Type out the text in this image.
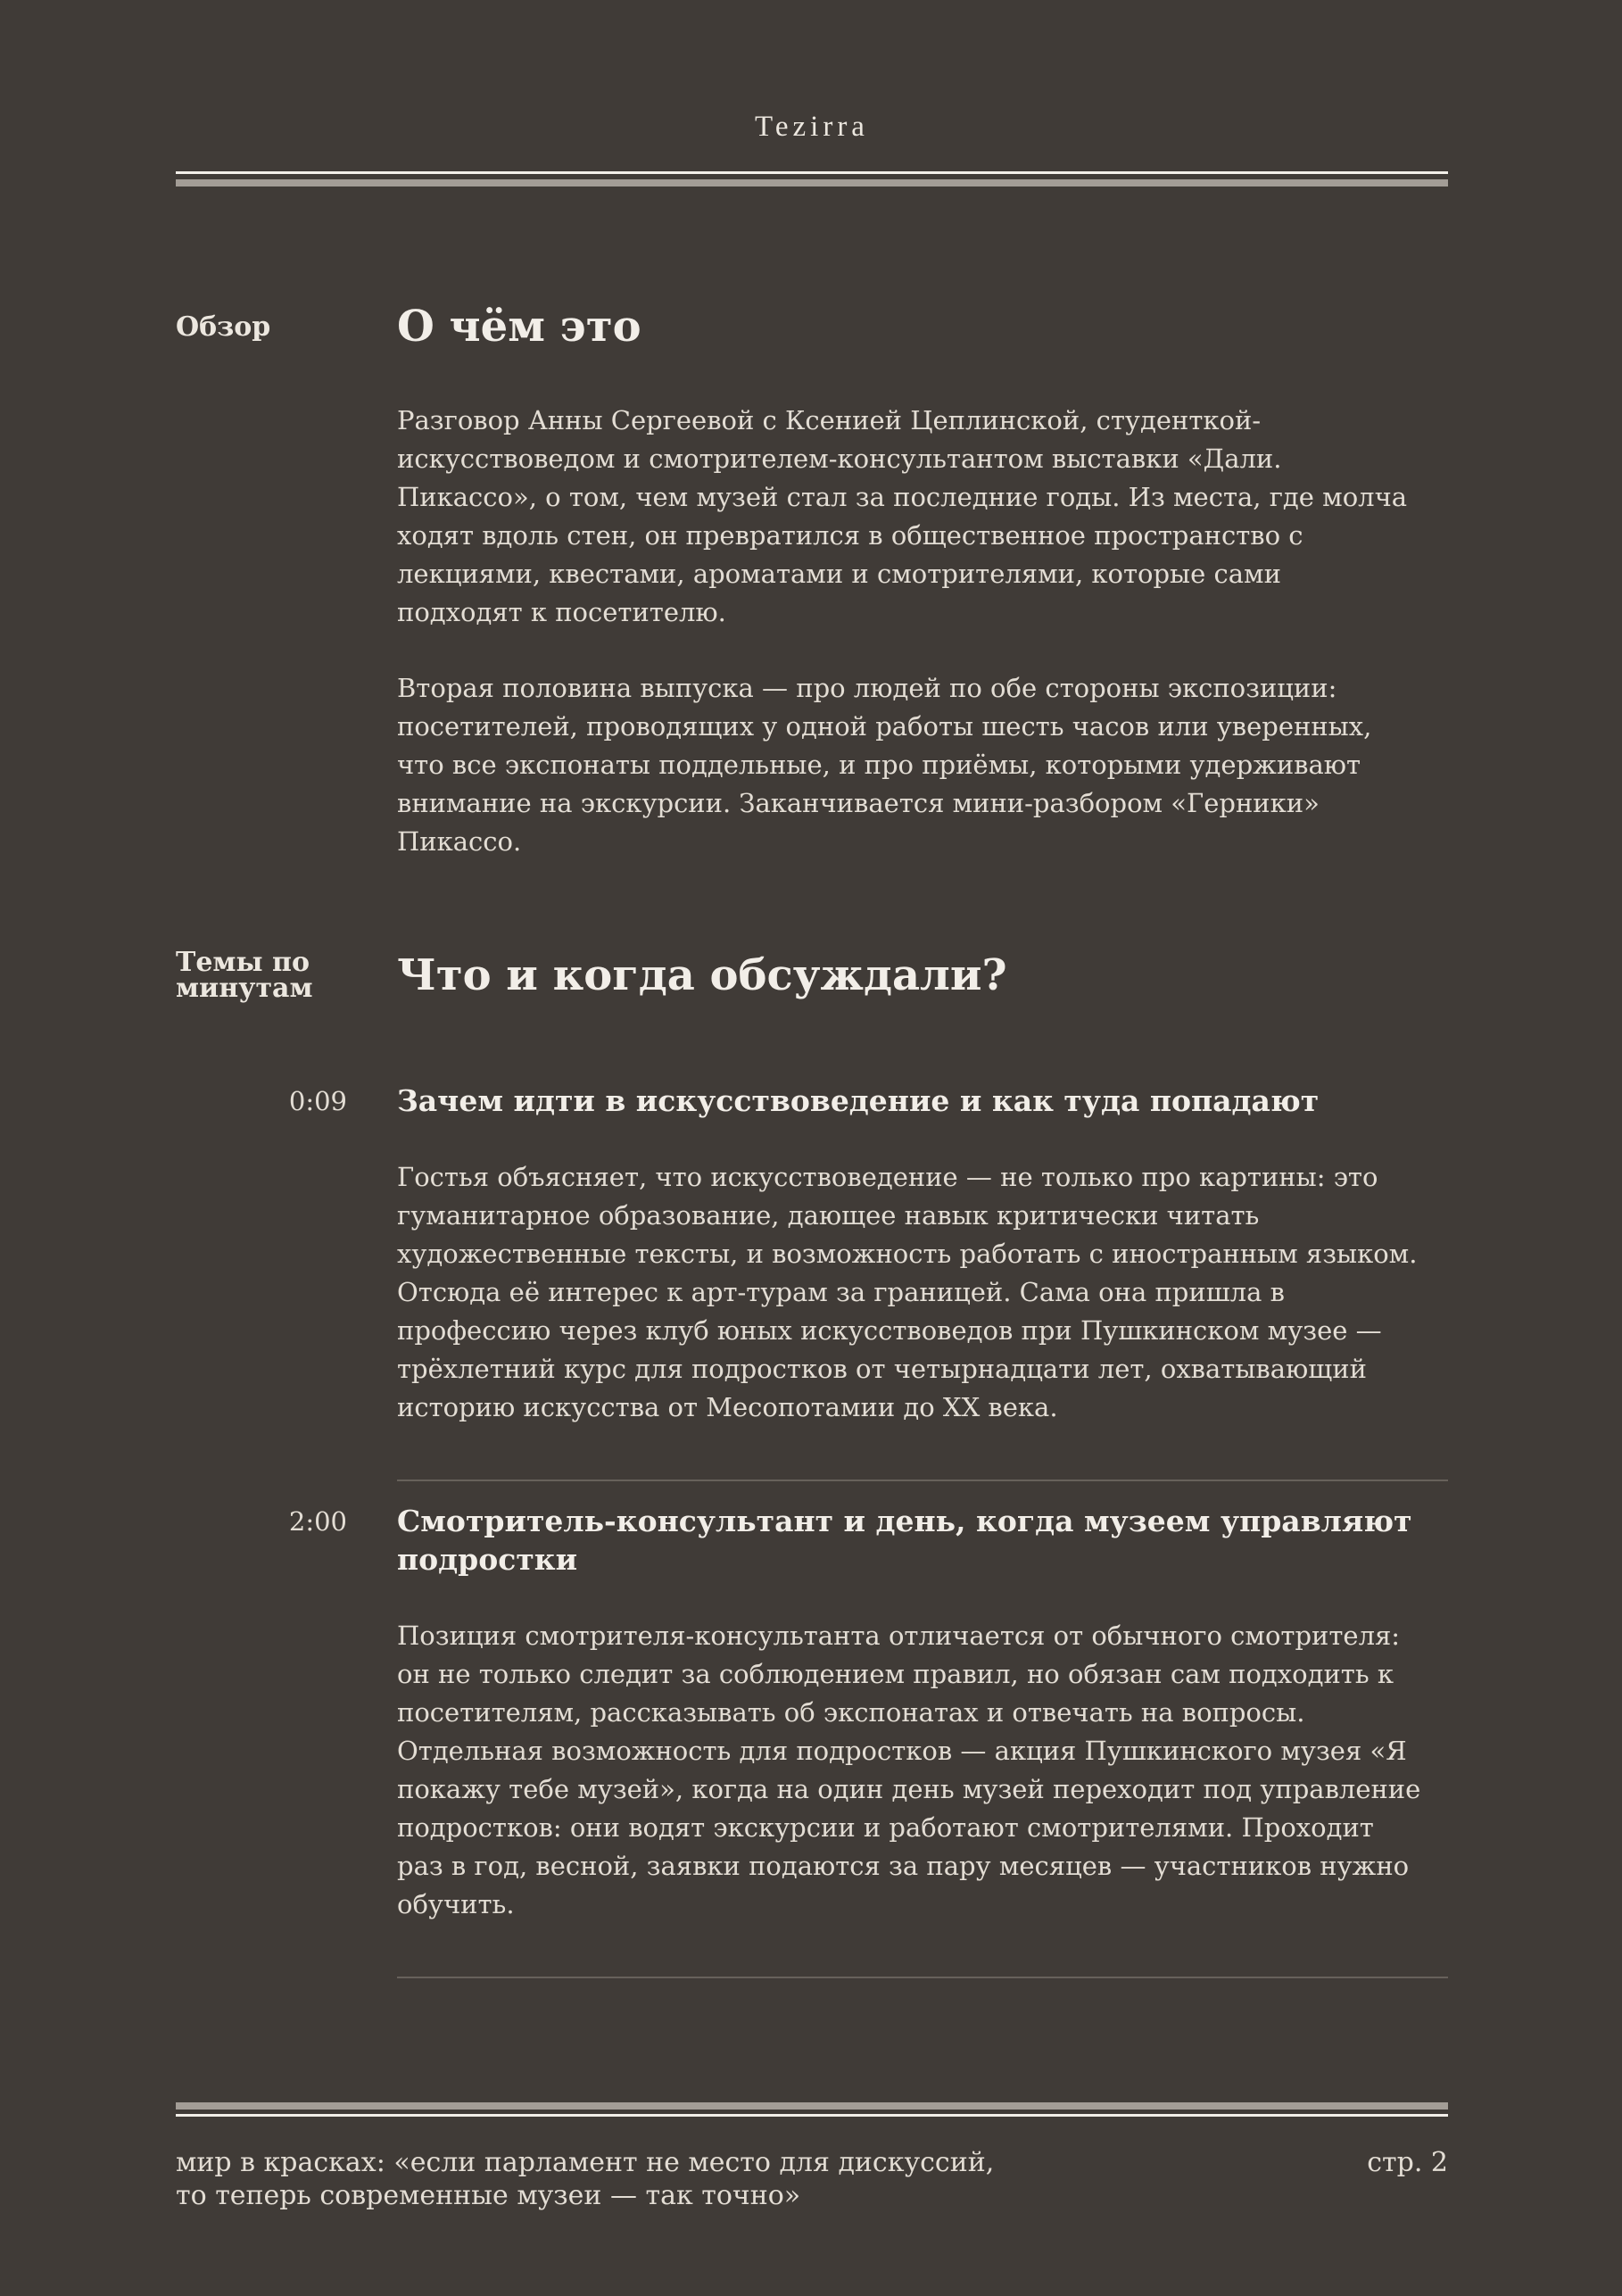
Tezirra
Обзор	О чём это

Разговор Анны Сергеевой с Ксенией Цеплинской, студенткой-
искусствоведом и смотрителем-консультантом выставки «Дали.
Пикассо», о том, чем музей стал за последние годы. Из места, где молча
ходят вдоль стен, он превратился в общественное пространство с
лекциями, квестами, ароматами и смотрителями, которые сами
подходят к посетителю.

Вторая половина выпуска — про людей по обе стороны экспозиции:
посетителей, проводящих у одной работы шесть часов или уверенных,
что все экспонаты поддельные, и про приёмы, которыми удерживают
внимание на экскурсии. Заканчивается мини-разбором «Герники»
Пикассо.

Темы по
минутам	Что и когда обсуждали?
0:09 Зачем идти в искусствоведение и как туда попадают

Гостья объясняет, что искусствоведение — не только про картины: это
гуманитарное образование, дающее навык критически читать
художественные тексты, и возможность работать с иностранным языком.
Отсюда её интерес к арт-турам за границей. Сама она пришла в
профессию через клуб юных искусствоведов при Пушкинском музее —
трёхлетний курс для подростков от четырнадцати лет, охватывающий
историю искусства от Месопотамии до XX века.

2:00 Смотритель-консультант и день, когда музеем управляют
подростки

Позиция смотрителя-консультанта отличается от обычного смотрителя:
он не только следит за соблюдением правил, но обязан сам подходить к
посетителям, рассказывать об экспонатах и отвечать на вопросы.
Отдельная возможность для подростков — акция Пушкинского музея «Я
покажу тебе музей», когда на один день музей переходит под управление
подростков: они водят экскурсии и работают смотрителями. Проходит
раз в год, весной, заявки подаются за пару месяцев — участников нужно
обучить.

мир в красках: «если парламент не место для дискуссий,
то теперь современные музеи — так точно»
стр. 2
